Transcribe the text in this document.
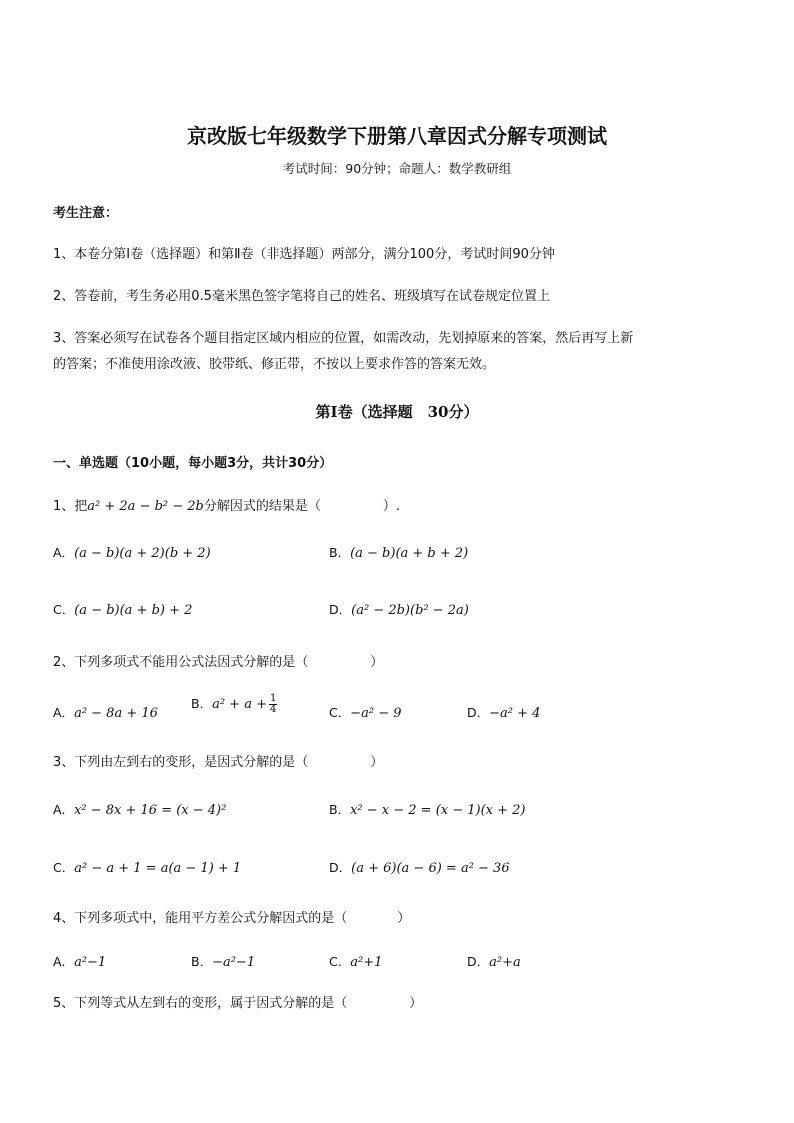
京改版七年级数学下册第八章因式分解专项测试
考试时间：90分钟；命题人：数学教研组
考生注意：
1、本卷分第Ⅰ卷（选择题）和第Ⅱ卷（非选择题）两部分，满分100分，考试时间90分钟
2、答卷前，考生务必用0.5毫米黑色签字笔将自己的姓名、班级填写在试卷规定位置上
3、答案必须写在试卷各个题目指定区域内相应的位置，如需改动，先划掉原来的答案，然后再写上新
的答案；不准使用涂改液、胶带纸、修正带，不按以上要求作答的答案无效。
第Ⅰ卷（选择题　30分）
一、单选题（10小题，每小题3分，共计30分）
1、把a² + 2a − b² − 2b分解因式的结果是（	）.
A．(a − b)(a + 2)(b + 2)	B．(a − b)(a + b + 2)
C．(a − b)(a + b) + 2	D．(a² − 2b)(b² − 2a)
2、下列多项式不能用公式法因式分解的是（	）
A．a² − 8a + 16
B．$a^2 + a + \frac{1}{4}$	C．−a² − 9	D．−a² + 4
3、下列由左到右的变形，是因式分解的是（	）
A．x² − 8x + 16 = (x − 4)²	B．x² − x − 2 = (x − 1)(x + 2)
C．a² − a + 1 = a(a − 1) + 1	D．(a + 6)(a − 6) = a² − 36
4、下列多项式中，能用平方差公式分解因式的是（	）
A．a²−1	B．−a²−1	C．a²+1	D．a²+a
5、下列等式从左到右的变形，属于因式分解的是（	）
